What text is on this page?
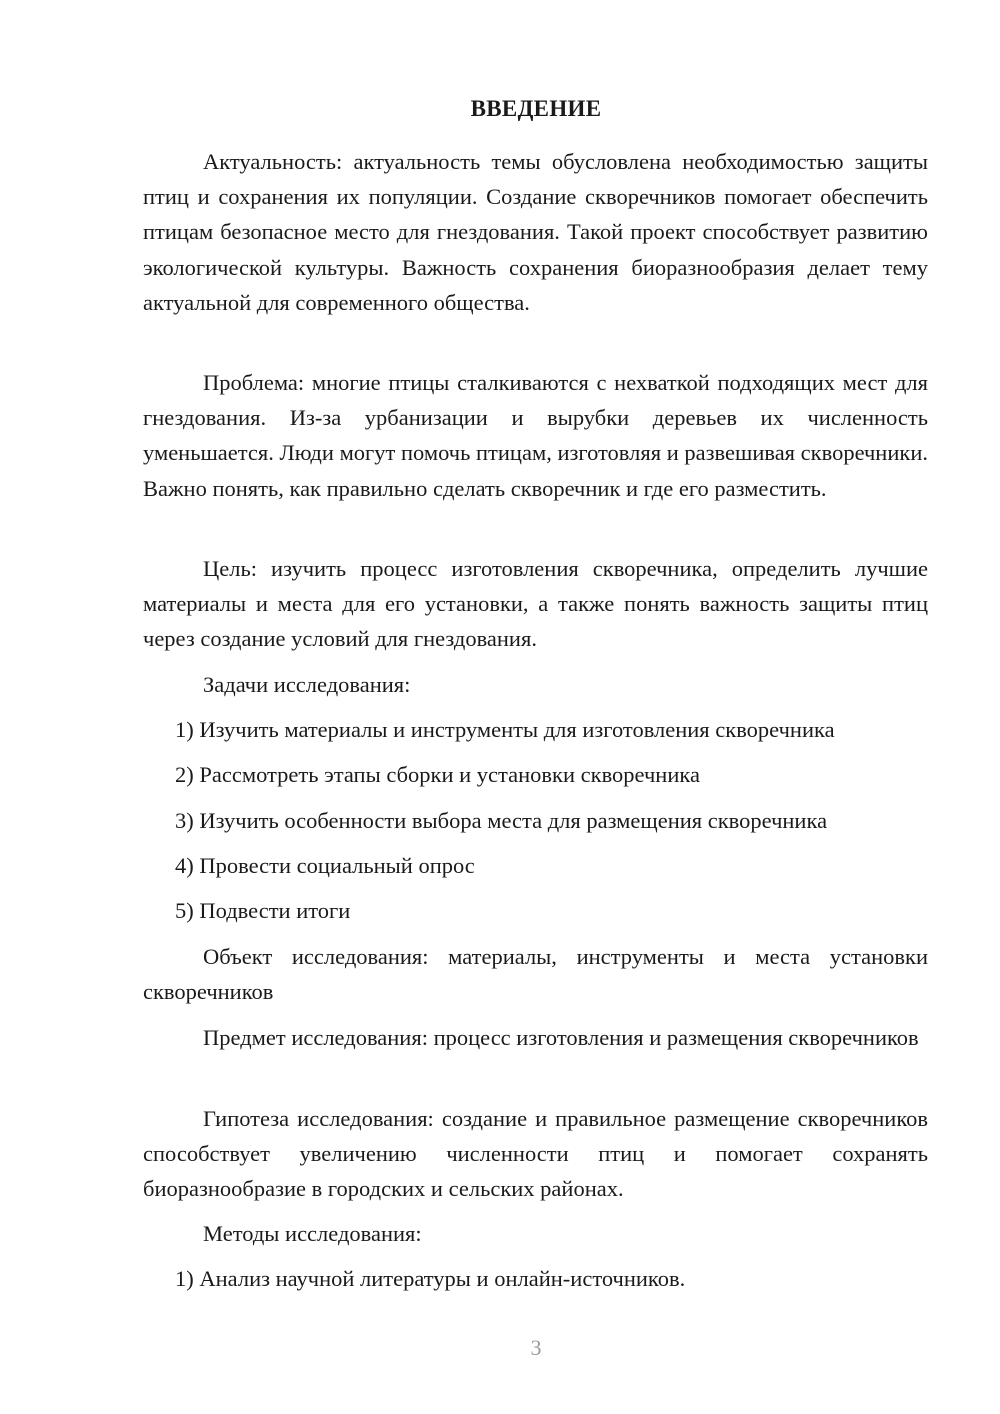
ВВЕДЕНИЕ

Актуальность: актуальность темы обусловлена необходимостью защиты птиц и сохранения их популяции. Создание скворечников помогает обеспечить птицам безопасное место для гнездования. Такой проект способствует развитию экологической культуры. Важность сохранения биоразнообразия делает тему актуальной для современного общества.

Проблема: многие птицы сталкиваются с нехваткой подходящих мест для гнездования. Из-за урбанизации и вырубки деревьев их численность уменьшается. Люди могут помочь птицам, изготовляя и развешивая скворечники. Важно понять, как правильно сделать скворечник и где его разместить.

Цель: изучить процесс изготовления скворечника, определить лучшие материалы и места для его установки, а также понять важность защиты птиц через создание условий для гнездования.

Задачи исследования:
1) Изучить материалы и инструменты для изготовления скворечника
2) Рассмотреть этапы сборки и установки скворечника
3) Изучить особенности выбора места для размещения скворечника
4) Провести социальный опрос
5) Подвести итоги

Объект исследования: материалы, инструменты и места установки скворечников

Предмет исследования: процесс изготовления и размещения скворечников

Гипотеза исследования: создание и правильное размещение скворечников способствует увеличению численности птиц и помогает сохранять биоразнообразие в городских и сельских районах.

Методы исследования:
1) Анализ научной литературы и онлайн-источников.
3
